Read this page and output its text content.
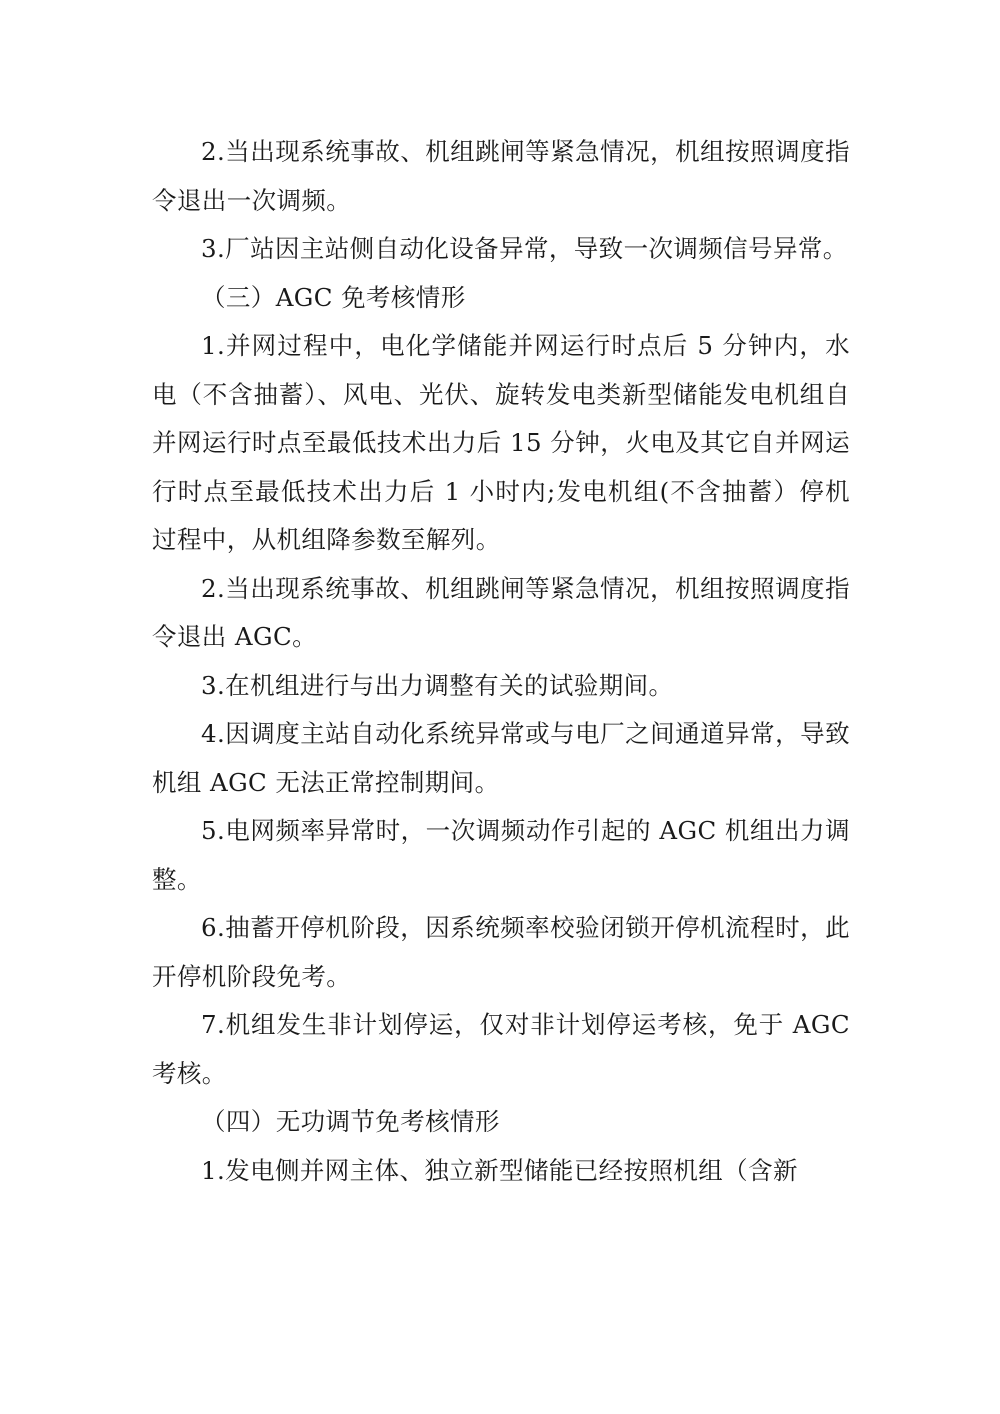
2.当出现系统事故、机组跳闸等紧急情况，机组按照调度指令退出一次调频。

3.厂站因主站侧自动化设备异常，导致一次调频信号异常。

（三）AGC 免考核情形

1.并网过程中，电化学储能并网运行时点后 5 分钟内，水电（不含抽蓄）、风电、光伏、旋转发电类新型储能发电机组自并网运行时点至最低技术出力后 15 分钟，火电及其它自并网运行时点至最低技术出力后 1 小时内;发电机组(不含抽蓄）停机过程中，从机组降参数至解列。

2.当出现系统事故、机组跳闸等紧急情况，机组按照调度指令退出 AGC。

3.在机组进行与出力调整有关的试验期间。

4.因调度主站自动化系统异常或与电厂之间通道异常，导致机组 AGC 无法正常控制期间。

5.电网频率异常时，一次调频动作引起的 AGC 机组出力调整。

6.抽蓄开停机阶段，因系统频率校验闭锁开停机流程时，此开停机阶段免考。

7.机组发生非计划停运，仅对非计划停运考核，免于 AGC 考核。

（四）无功调节免考核情形

1.发电侧并网主体、独立新型储能已经按照机组（含新
